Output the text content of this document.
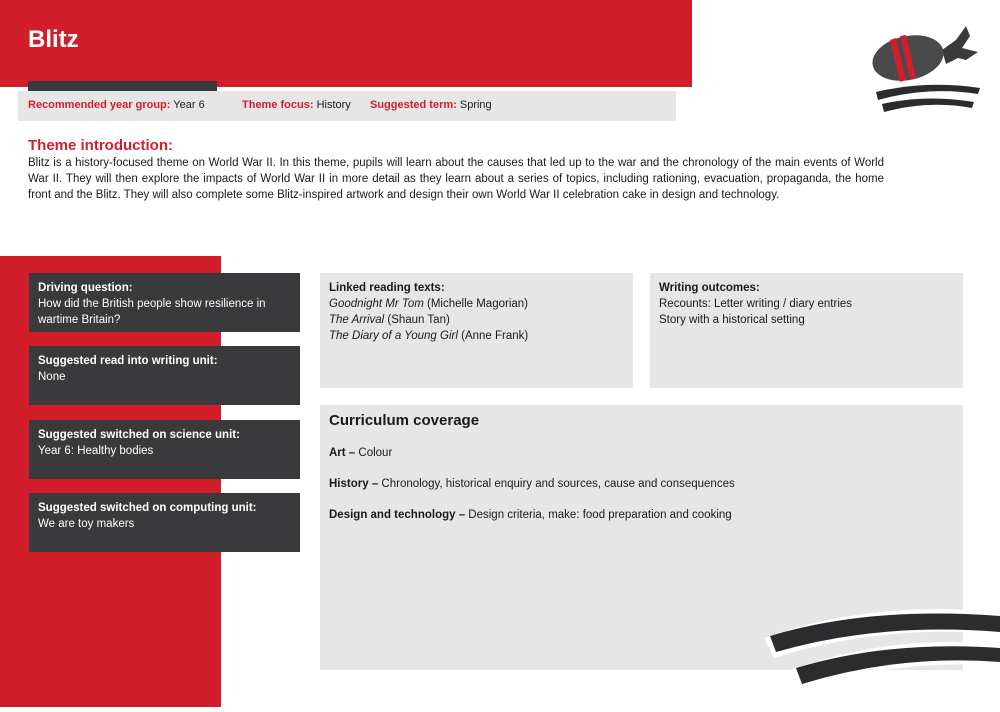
Blitz
Recommended year group: Year 6	Theme focus: History Suggested term: Spring
Theme introduction:
Blitz is a history-focused theme on World War II. In this theme, pupils will learn about the causes that led up to the war and the chronology of the main events of World War II. They will then explore the impacts of World War II in more detail as they learn about a series of topics, including rationing, evacuation, propaganda, the home front and the Blitz. They will also complete some Blitz-inspired artwork and design their own World War II celebration cake in design and technology.
Driving question:
How did the British people show resilience in wartime Britain?
Suggested read into writing unit:
None
Suggested switched on science unit:
Year 6: Healthy bodies
Suggested switched on computing unit:
We are toy makers
Linked reading texts:
Goodnight Mr Tom (Michelle Magorian)
The Arrival (Shaun Tan)
The Diary of a Young Girl (Anne Frank)
Writing outcomes:
Recounts: Letter writing / diary entries
Story with a historical setting
Curriculum coverage
Art – Colour
History – Chronology, historical enquiry and sources, cause and consequences
Design and technology – Design criteria, make: food preparation and cooking
